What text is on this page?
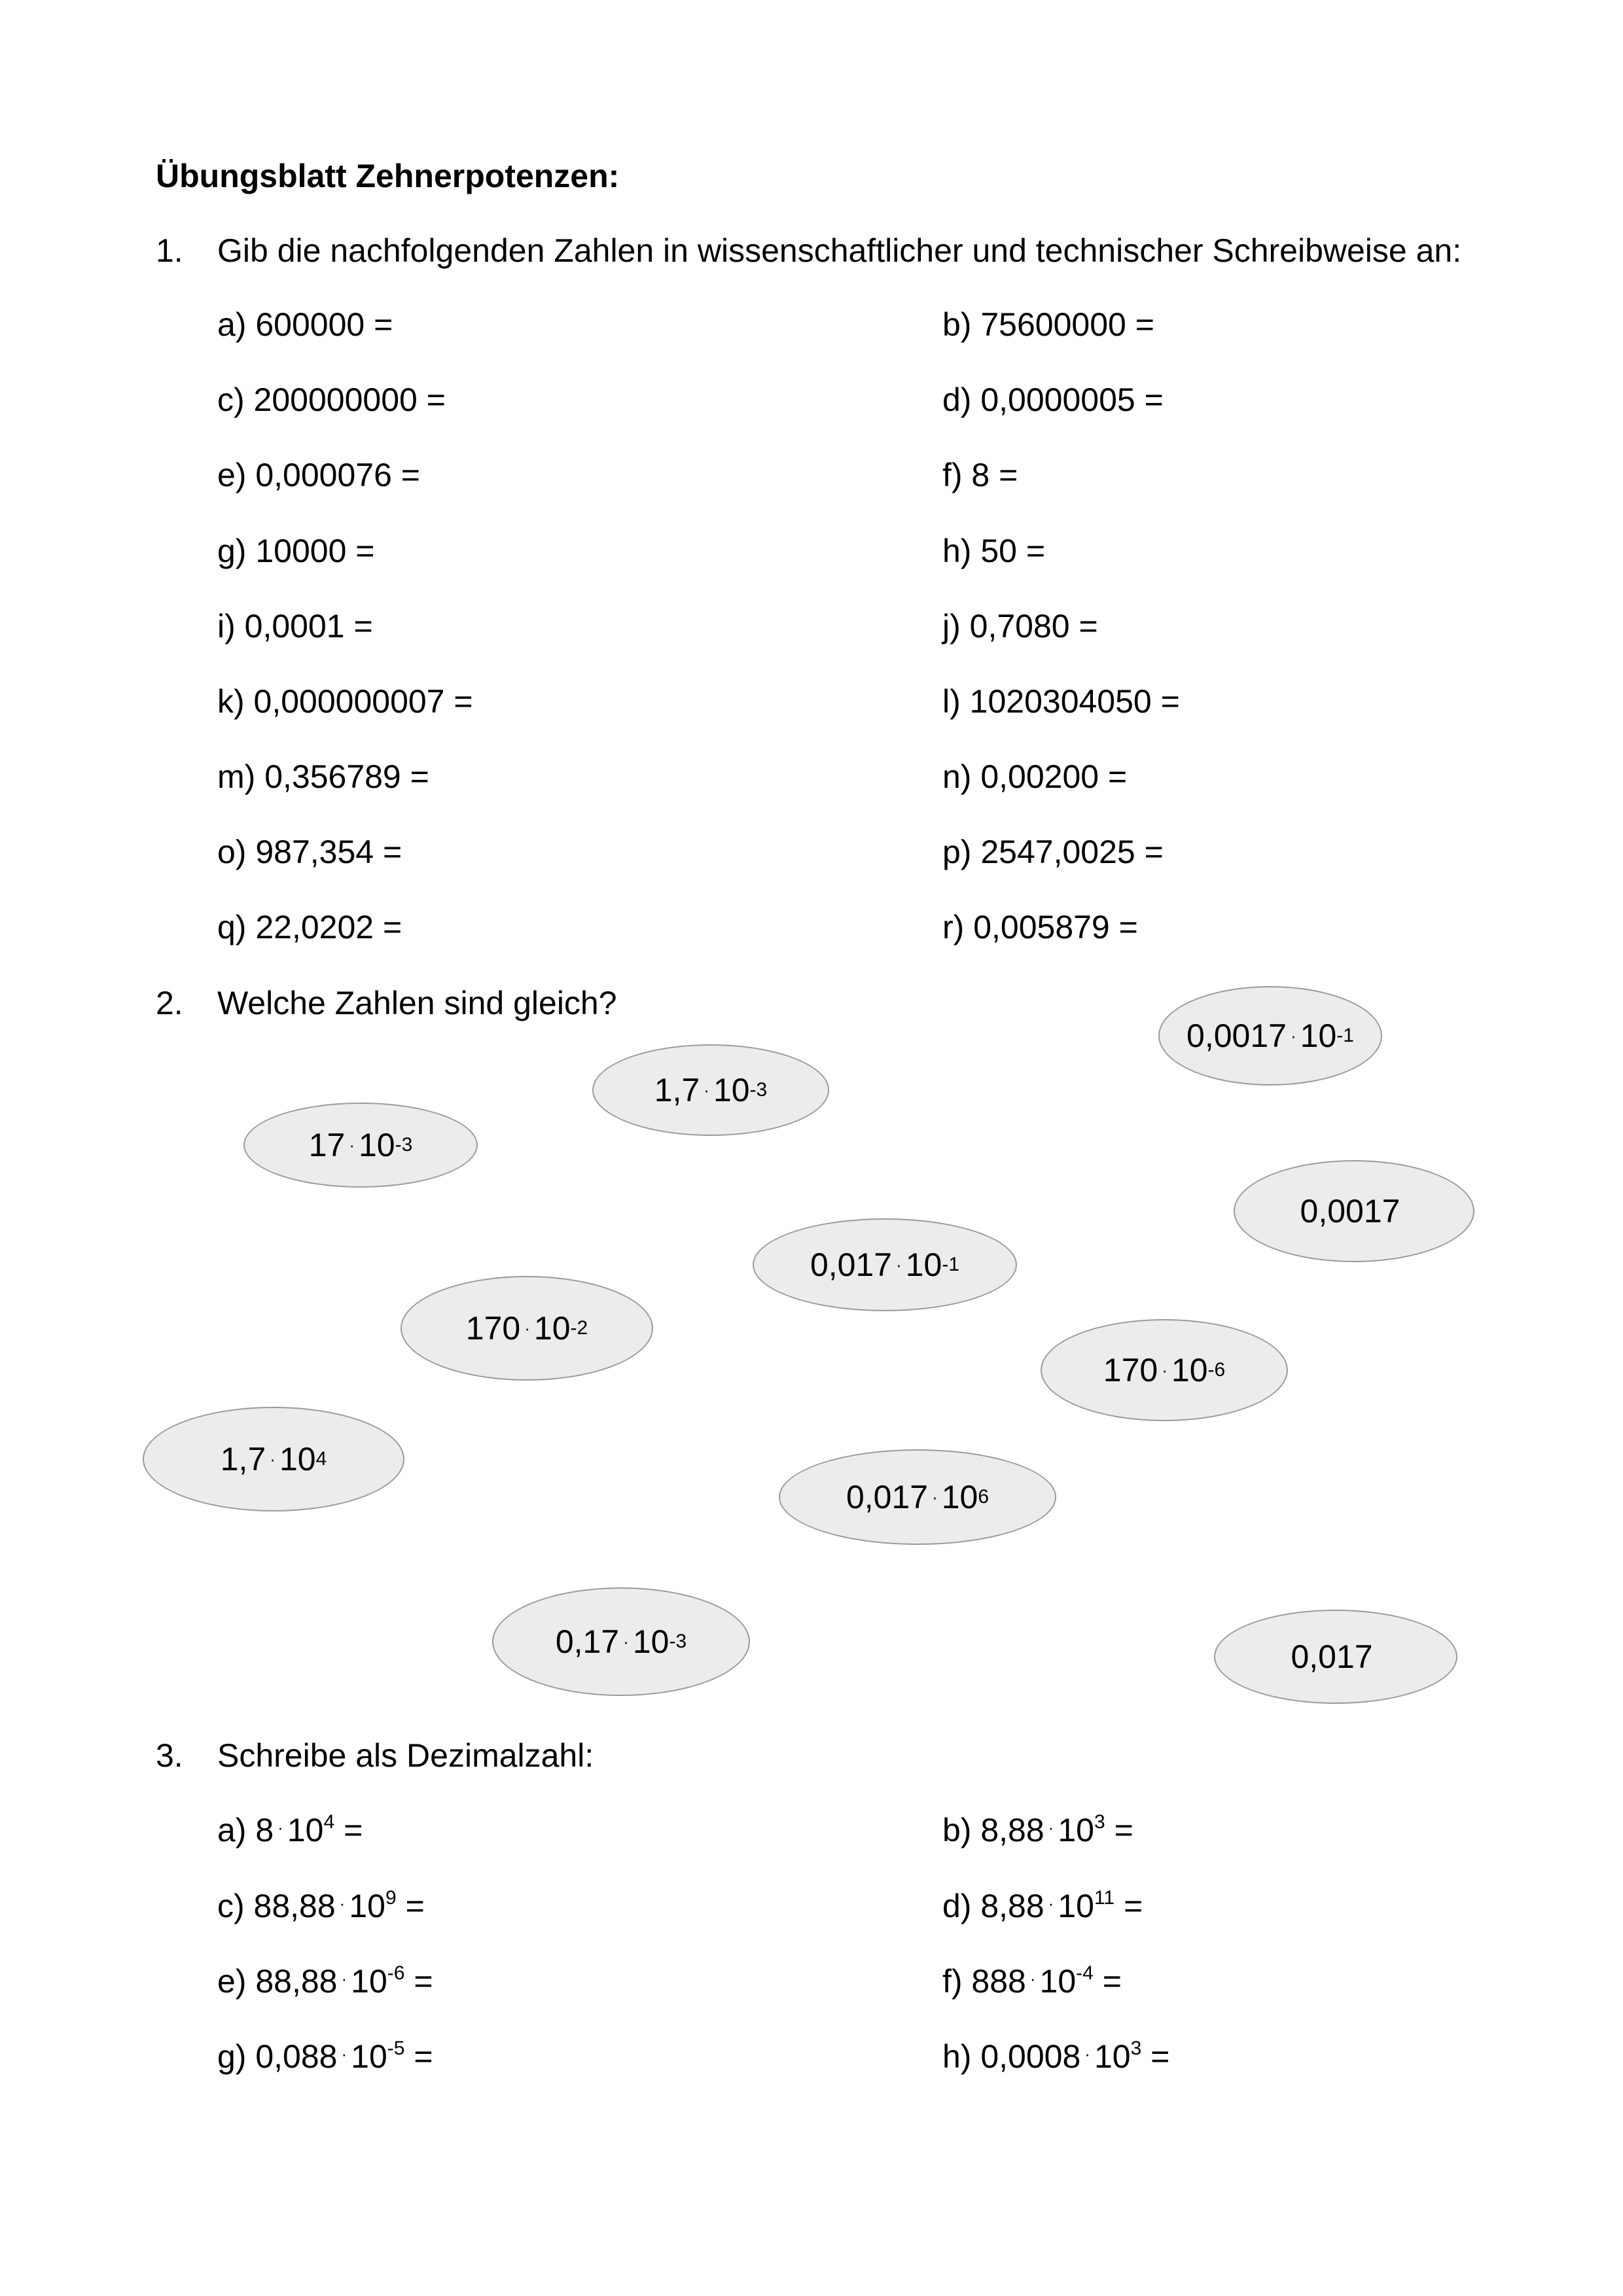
Übungsblatt Zehnerpotenzen:
1. Gib die nachfolgenden Zahlen in wissenschaftlicher und technischer Schreibweise an:
a) 600000 =	b) 75600000 =
c) 200000000 =	d) 0,0000005 =
e) 0,000076 =	f) 8 =
g) 10000 =	h) 50 =
i) 0,0001 =	j) 0,7080 =
k) 0,000000007 =	l) 1020304050 =
m) 0,356789 =	n) 0,00200 =
o) 987,354 =	p) 2547,0025 =
q) 22,0202 =	r) 0,005879 =
2. Welche Zahlen sind gleich?
0,0017 · 10 -1
1,7 · 10 -3
17 · 10 -3
0,0017
0,017 · 10 -1
170 · 10 -2
170 · 10 -6
1,7 · 10 4
0,017 · 10 6
0,17 · 10 -3	0,017
3. Schreibe als Dezimalzahl:
a) 8 · $10^4$ =	b) 8,88 · $10^3$ =
c) 88,88 · $10^9$ =	d) 8,88 · $10^{11}$ =
e) 88,88 · $10^{-6}$ =	f) 888 · $10^{-4}$ =
g) 0,088 · $10^{-5}$ =	h) 0,0008 · $10^3$ =
